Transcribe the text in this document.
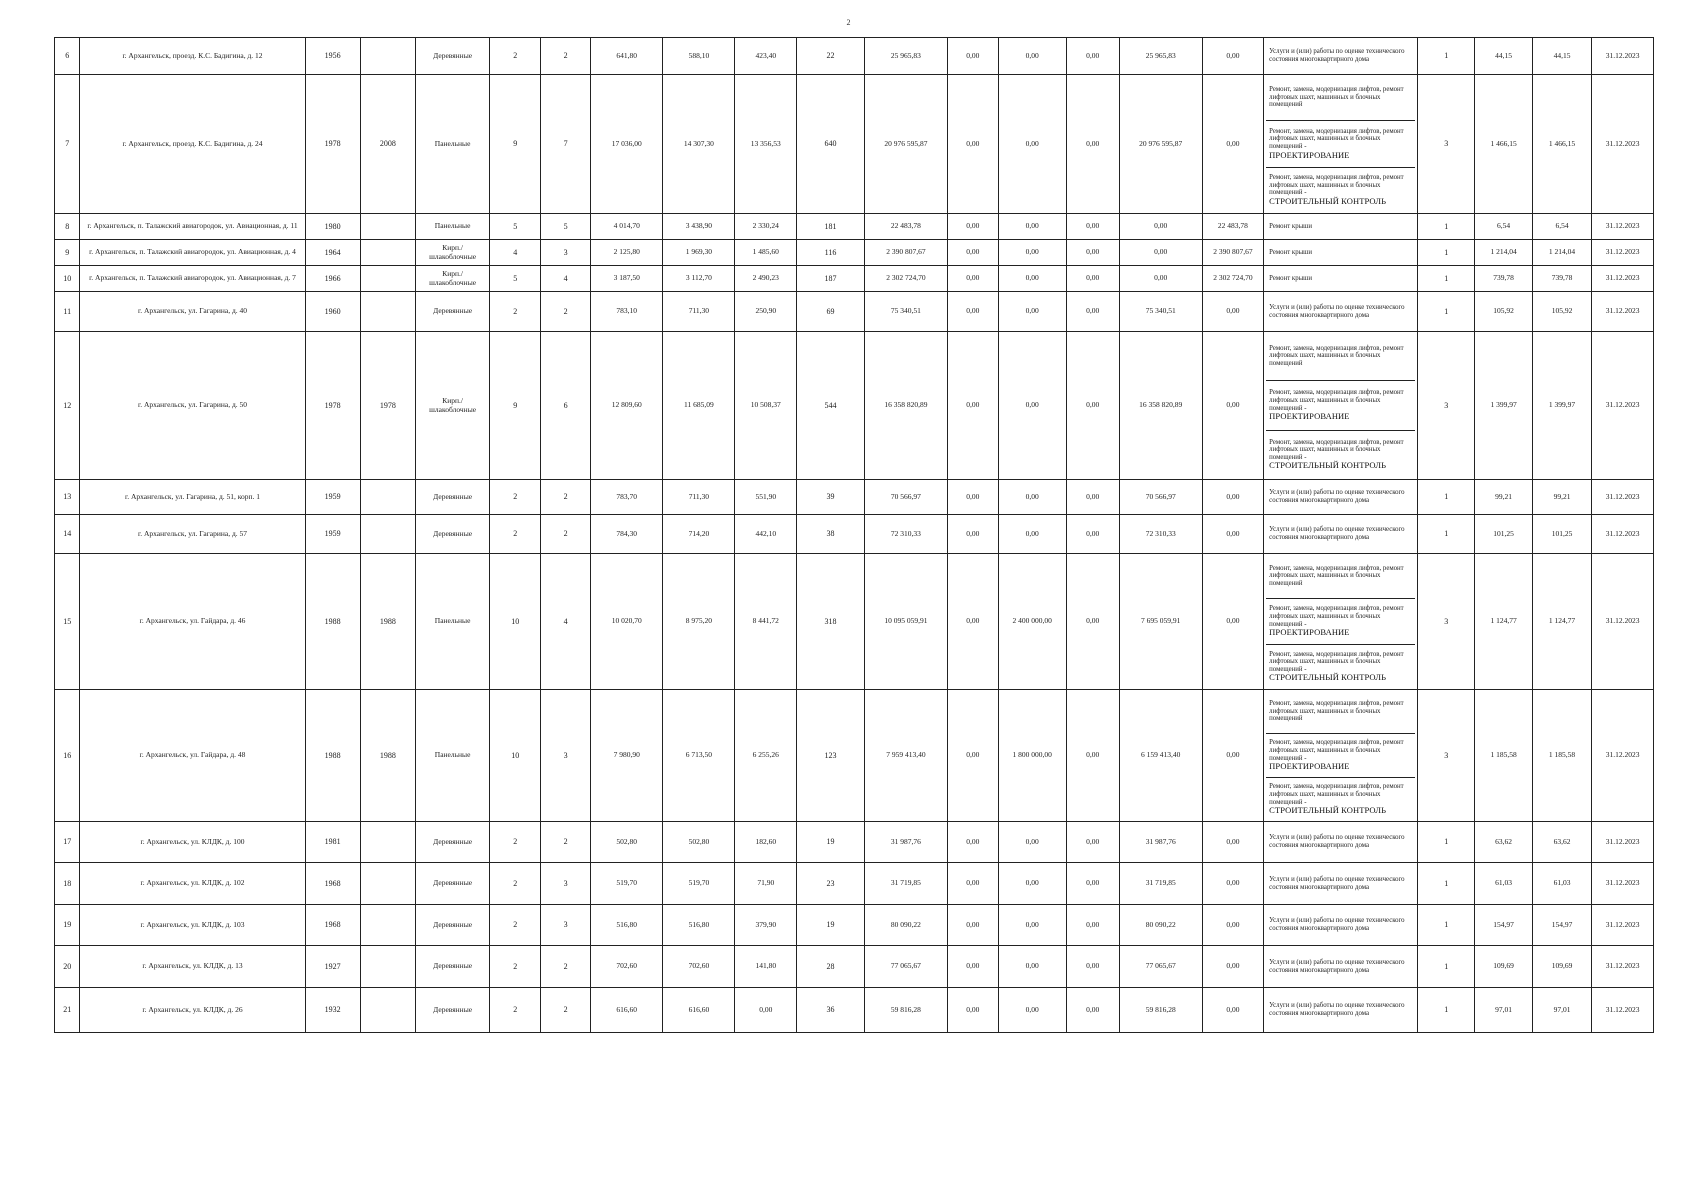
2
6	г. Архангельск, проезд. К.С. Бадигина, д. 12	1956		Деревянные	2	2	641,80	588,10	423,40	22	25 965,83	0,00	0,00	0,00	25 965,83	0,00	Услуги и (или) работы по оценке технического состояния многоквартирного дома	1	44,15	44,15	31.12.2023
7	г. Архангельск, проезд. К.С. Бадигина, д. 24	1978	2008	Панельные	9	7	17 036,00	14 307,30	13 356,53	640	20 976 595,87	0,00	0,00	0,00	20 976 595,87	0,00	Ремонт, замена, модернизация лифтов, ремонт лифтовых шахт, машинных и блочных помещений
Ремонт, замена, модернизация лифтов, ремонт лифтовых шахт, машинных и блочных помещений -
ПРОЕКТИРОВАНИЕ
Ремонт, замена, модернизация лифтов, ремонт лифтовых шахт, машинных и блочных помещений -
СТРОИТЕЛЬНЫЙ КОНТРОЛЬ	3	1 466,15	1 466,15	31.12.2023
8	г. Архангельск, п. Талажский авиагородок, ул. Авиационная, д. 11	1980		Панельные	5	5	4 014,70	3 438,90	2 330,24	181	22 483,78	0,00	0,00	0,00	0,00	22 483,78	Ремонт крыши	1	6,54	6,54	31.12.2023
9	г. Архангельск, п. Талажский авиагородок, ул. Авиационная, д. 4	1964		Кирп./ шлакоблочные	4	3	2 125,80	1 969,30	1 485,60	116	2 390 807,67	0,00	0,00	0,00	0,00	2 390 807,67	Ремонт крыши	1	1 214,04	1 214,04	31.12.2023
10	г. Архангельск, п. Талажский авиагородок, ул. Авиационная, д. 7	1966		Кирп./ шлакоблочные	5	4	3 187,50	3 112,70	2 490,23	187	2 302 724,70	0,00	0,00	0,00	0,00	2 302 724,70	Ремонт крыши	1	739,78	739,78	31.12.2023
11	г. Архангельск, ул. Гагарина, д. 40	1960		Деревянные	2	2	783,10	711,30	250,90	69	75 340,51	0,00	0,00	0,00	75 340,51	0,00	Услуги и (или) работы по оценке технического состояния многоквартирного дома	1	105,92	105,92	31.12.2023
12	г. Архангельск, ул. Гагарина, д. 50	1978	1978	Кирп./ шлакоблочные	9	6	12 809,60	11 685,09	10 508,37	544	16 358 820,89	0,00	0,00	0,00	16 358 820,89	0,00	Ремонт, замена, модернизация лифтов, ремонт лифтовых шахт, машинных и блочных помещений
Ремонт, замена, модернизация лифтов, ремонт лифтовых шахт, машинных и блочных помещений -
ПРОЕКТИРОВАНИЕ
Ремонт, замена, модернизация лифтов, ремонт лифтовых шахт, машинных и блочных помещений -
СТРОИТЕЛЬНЫЙ КОНТРОЛЬ	3	1 399,97	1 399,97	31.12.2023
13	г. Архангельск, ул. Гагарина, д. 51, корп. 1	1959		Деревянные	2	2	783,70	711,30	551,90	39	70 566,97	0,00	0,00	0,00	70 566,97	0,00	Услуги и (или) работы по оценке технического состояния многоквартирного дома	1	99,21	99,21	31.12.2023
14	г. Архангельск, ул. Гагарина, д. 57	1959		Деревянные	2	2	784,30	714,20	442,10	38	72 310,33	0,00	0,00	0,00	72 310,33	0,00	Услуги и (или) работы по оценке технического состояния многоквартирного дома	1	101,25	101,25	31.12.2023
15	г. Архангельск, ул. Гайдара, д. 46	1988	1988	Панельные	10	4	10 020,70	8 975,20	8 441,72	318	10 095 059,91	0,00	2 400 000,00	0,00	7 695 059,91	0,00	Ремонт, замена, модернизация лифтов, ремонт лифтовых шахт, машинных и блочных помещений
Ремонт, замена, модернизация лифтов, ремонт лифтовых шахт, машинных и блочных помещений -
ПРОЕКТИРОВАНИЕ
Ремонт, замена, модернизация лифтов, ремонт лифтовых шахт, машинных и блочных помещений -
СТРОИТЕЛЬНЫЙ КОНТРОЛЬ	3	1 124,77	1 124,77	31.12.2023
16	г. Архангельск, ул. Гайдара, д. 48	1988	1988	Панельные	10	3	7 980,90	6 713,50	6 255,26	123	7 959 413,40	0,00	1 800 000,00	0,00	6 159 413,40	0,00	Ремонт, замена, модернизация лифтов, ремонт лифтовых шахт, машинных и блочных помещений
Ремонт, замена, модернизация лифтов, ремонт лифтовых шахт, машинных и блочных помещений -
ПРОЕКТИРОВАНИЕ
Ремонт, замена, модернизация лифтов, ремонт лифтовых шахт, машинных и блочных помещений -
СТРОИТЕЛЬНЫЙ КОНТРОЛЬ	3	1 185,58	1 185,58	31.12.2023
17	г. Архангельск, ул. КЛДК, д. 100	1981		Деревянные	2	2	502,80	502,80	182,60	19	31 987,76	0,00	0,00	0,00	31 987,76	0,00	Услуги и (или) работы по оценке технического состояния многоквартирного дома	1	63,62	63,62	31.12.2023
18	г. Архангельск, ул. КЛДК, д. 102	1968		Деревянные	2	3	519,70	519,70	71,90	23	31 719,85	0,00	0,00	0,00	31 719,85	0,00	Услуги и (или) работы по оценке технического состояния многоквартирного дома	1	61,03	61,03	31.12.2023
19	г. Архангельск, ул. КЛДК, д. 103	1968		Деревянные	2	3	516,80	516,80	379,90	19	80 090,22	0,00	0,00	0,00	80 090,22	0,00	Услуги и (или) работы по оценке технического состояния многоквартирного дома	1	154,97	154,97	31.12.2023
20	г. Архангельск, ул. КЛДК, д. 13	1927		Деревянные	2	2	702,60	702,60	141,80	28	77 065,67	0,00	0,00	0,00	77 065,67	0,00	Услуги и (или) работы по оценке технического состояния многоквартирного дома	1	109,69	109,69	31.12.2023
21	г. Архангельск, ул. КЛДК, д. 26	1932		Деревянные	2	2	616,60	616,60	0,00	36	59 816,28	0,00	0,00	0,00	59 816,28	0,00	Услуги и (или) работы по оценке технического состояния многоквартирного дома	1	97,01	97,01	31.12.2023
